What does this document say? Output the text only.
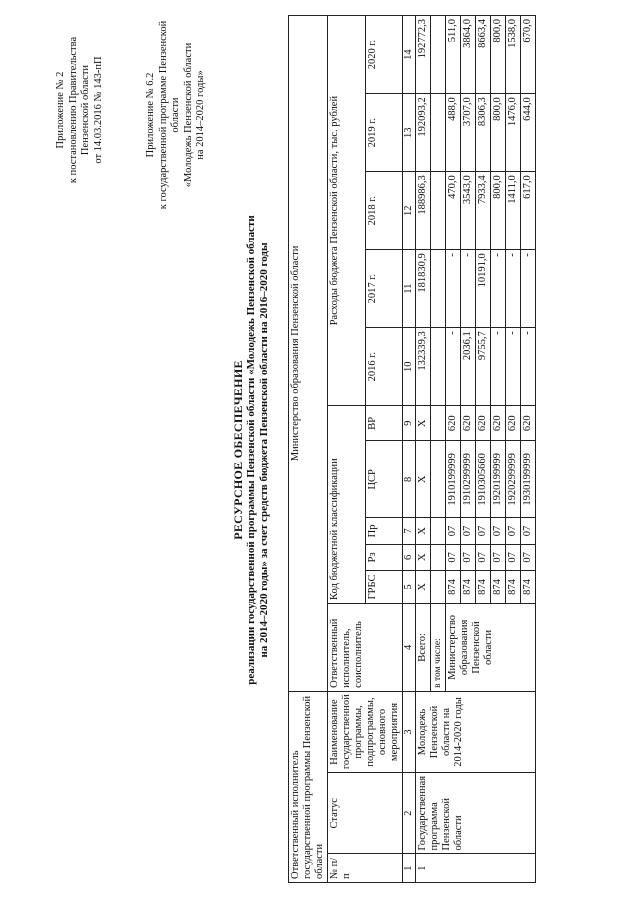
Приложение № 2 к постановлению Правительства Пензенской области от 14.03.2016 № 143-пП	Приложение № 6.2 к государственной программе Пензенской области «Молодежь Пензенской области на 2014–2020 годы»
РЕСУРСНОЕ ОБЕСПЕЧЕНИЕ реализации государственной программы Пензенской области «Молодежь Пензенской области на 2014–2020 годы» за счет средств бюджета Пензенской области на 2016–2020 годы
Ответственный исполнитель государственной программы Пензенской области			Министерство образования Пензенской области										
№ п/п	Статус	Наименование государственной программы, подпрограммы, основного мероприятия	Ответственный исполнитель, соисполнитель	Код бюджетной классификации					Расходы бюджета Пензенской области, тыс. рублей				
				ГРБС	Рз	Пр	ЦСР	ВР	2016 г.	2017 г.	2018 г.	2019 г.	2020 г.
1	2	3	4	5	6	7	8	9	10	11	12	13	14
1	Государственная программа Пензенской области	Молодежь Пензенской области на 2014-2020 годы	Всего:	X	X	X	X	X	132339,3	181830,9	188986,3	192093,2	192772,3
			в том числе:										
			Министерство образования Пензенской области	874	07	07	1910199999	620	-	-	470,0	488,0	511,0
				874	07	07	1910299999	620	2036,1	-	3543,0	3707,0	3864,0
				874	07	07	1910305660	620	9755,7	10191,0	7933,4	8306,3	8663,4
				874	07	07	1920199999	620	-	-	800,0	800,0	800,0
				874	07	07	1920299999	620	-	-	1411,0	1476,0	1538,0
				874	07	07	1930199999	620	-	-	617,0	644,0	670,0
